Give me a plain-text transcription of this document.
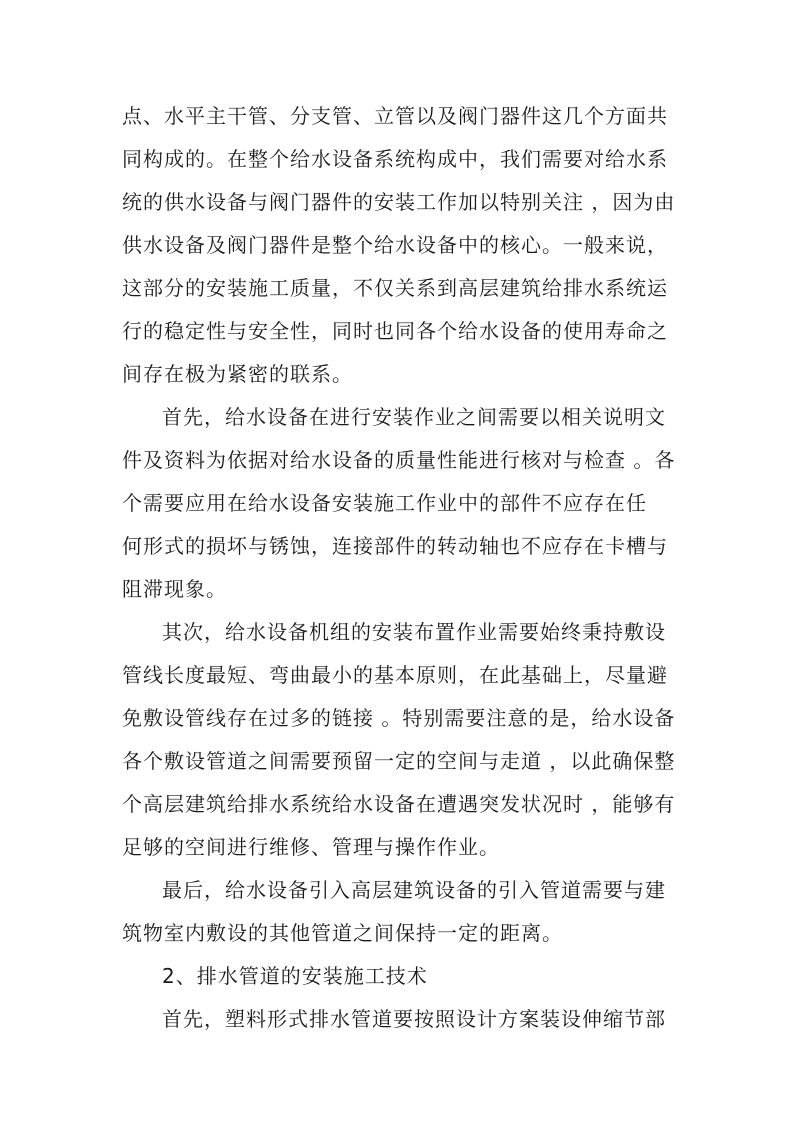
点、水平主干管、分支管、立管以及阀门器件这几个方面共
同构成的。在整个给水设备系统构成中，我们需要对给水系
统的供水设备与阀门器件的安装工作加以特别关注 ，因为由
供水设备及阀门器件是整个给水设备中的核心。一般来说，
这部分的安装施工质量，不仅关系到高层建筑给排水系统运
行的稳定性与安全性，同时也同各个给水设备的使用寿命之
间存在极为紧密的联系。
首先，给水设备在进行安装作业之间需要以相关说明文
件及资料为依据对给水设备的质量性能进行核对与检查 。各
个需要应用在给水设备安装施工作业中的部件不应存在任
何形式的损坏与锈蚀，连接部件的转动轴也不应存在卡槽与
阻滞现象。
其次，给水设备机组的安装布置作业需要始终秉持敷设
管线长度最短、弯曲最小的基本原则，在此基础上，尽量避
免敷设管线存在过多的链接 。特别需要注意的是，给水设备
各个敷设管道之间需要预留一定的空间与走道 ，以此确保整
个高层建筑给排水系统给水设备在遭遇突发状况时 ，能够有
足够的空间进行维修、管理与操作作业。
最后，给水设备引入高层建筑设备的引入管道需要与建
筑物室内敷设的其他管道之间保持一定的距离。
2、排水管道的安装施工技术
首先，塑料形式排水管道要按照设计方案装设伸缩节部
